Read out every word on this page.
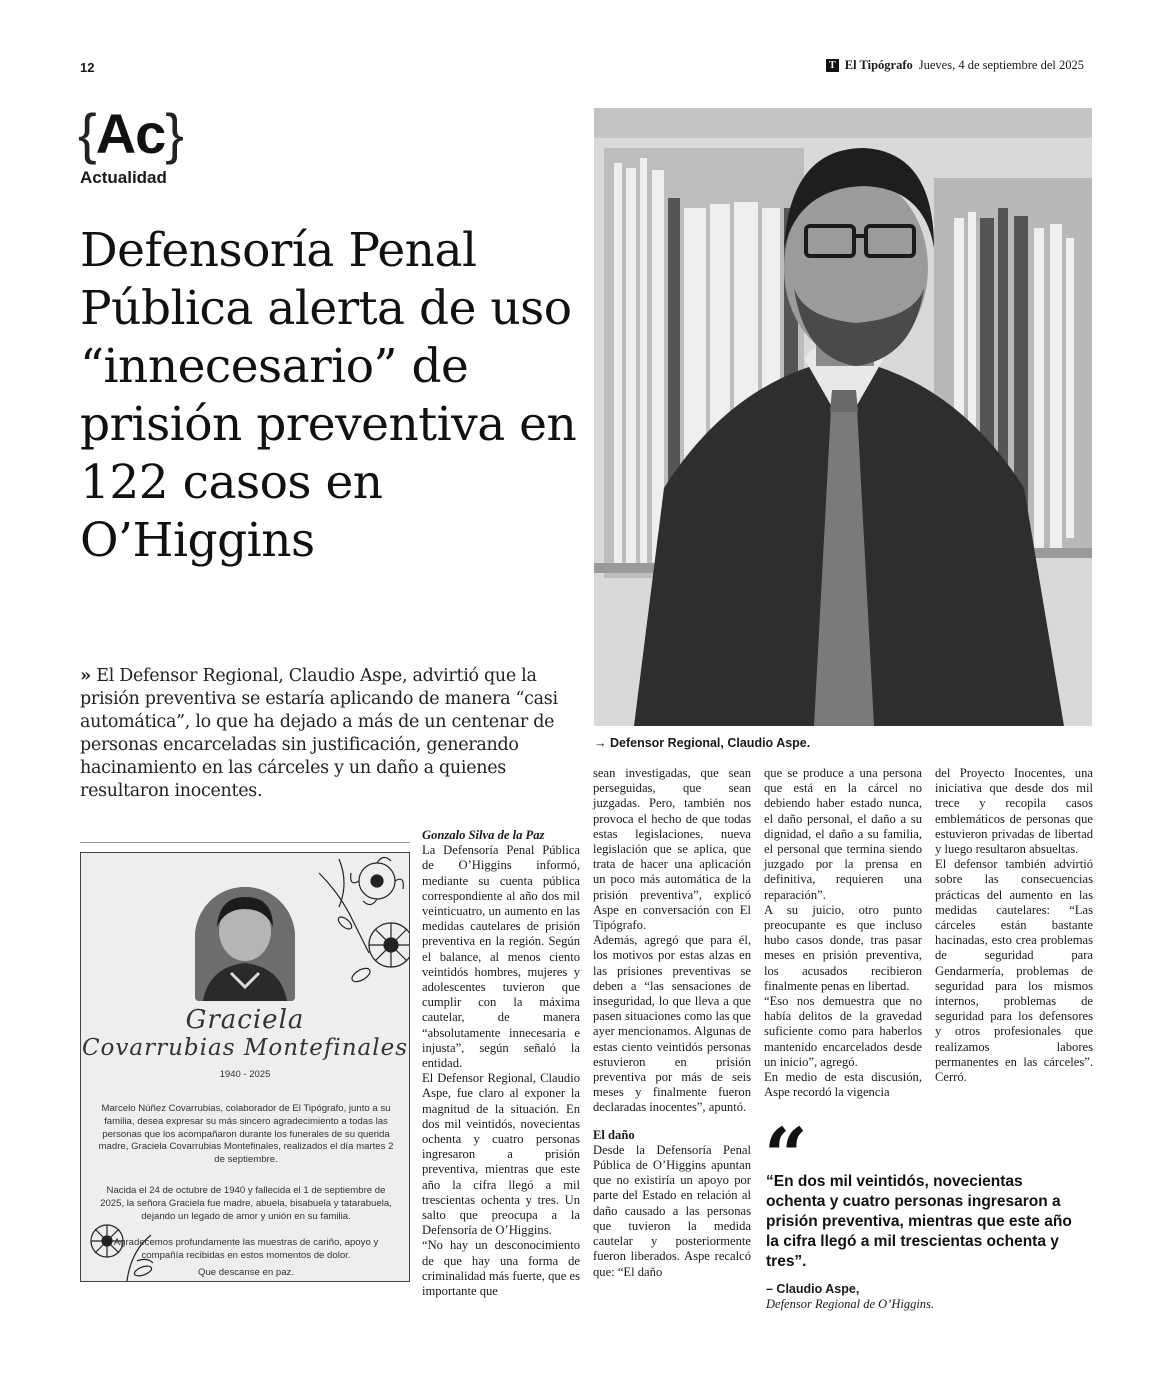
12	T El Tipógrafo Jueves, 4 de septiembre del 2025
{Ac}
Actualidad
Defensoría Penal Pública alerta de uso “innecesario” de prisión preventiva en 122 casos en O’Higgins
→ Defensor Regional, Claudio Aspe.

» El Defensor Regional, Claudio Aspe, advirtió que la prisión preventiva se estaría aplicando de manera “casi automática”, lo que ha dejado a más de un centenar de personas encarceladas sin justificación, generando hacinamiento en las cárceles y un daño a quienes resultaron inocentes.

Graciela
Covarrubias Montefinales
1940 - 2025

Marcelo Núñez Covarrubias, colaborador de El Tipógrafo, junto a su familia, desea expresar su más sincero agradecimiento a todas las personas que los acompañaron durante los funerales de su querida madre, Graciela Covarrubias Montefinales, realizados el día martes 2 de septiembre.

Nacida el 24 de octubre de 1940 y fallecida el 1 de septiembre de 2025, la señora Graciela fue madre, abuela, bisabuela y tatarabuela, dejando un legado de amor y unión en su familia.

Agradecemos profundamente las muestras de cariño, apoyo y compañía recibidas en estos momentos de dolor.

Que descanse en paz.

Gonzalo Silva de la Paz

La Defensoría Penal Pública de O’Higgins informó, mediante su cuenta pública correspondiente al año dos mil veinticuatro, un aumento en las medidas cautelares de prisión preventiva en la región. Según el balance, al menos ciento veintidós hombres, mujeres y adolescentes tuvieron que cumplir con la máxima cautelar, de manera “absolutamente innecesaria e injusta”, según señaló la entidad.

El Defensor Regional, Claudio Aspe, fue claro al exponer la magnitud de la situación. En dos mil veintidós, novecientas ochenta y cuatro personas ingresaron a prisión preventiva, mientras que este año la cifra llegó a mil trescientas ochenta y tres. Un salto que preocupa a la Defensoría de O’Higgins.

“No hay un desconocimiento de que hay una forma de criminalidad más fuerte, que es importante que

sean investigadas, que sean perseguidas, que sean juzgadas. Pero, también nos provoca el hecho de que todas estas legislaciones, nueva legislación que se aplica, que trata de hacer una aplicación un poco más automática de la prisión preventiva”, explicó Aspe en conversación con El Tipógrafo.

Además, agregó que para él, los motivos por estas alzas en las prisiones preventivas se deben a “las sensaciones de inseguridad, lo que lleva a que pasen situaciones como las que ayer mencionamos. Algunas de estas ciento veintidós personas estuvieron en prisión preventiva por más de seis meses y finalmente fueron declaradas inocentes”, apuntó.

El daño

Desde la Defensoría Penal Pública de O’Higgins apuntan que no existiría un apoyo por parte del Estado en relación al daño causado a las personas que tuvieron la medida cautelar y posteriormente fueron liberados. Aspe recalcó que: “El daño

que se produce a una persona que está en la cárcel no debiendo haber estado nunca, el daño personal, el daño a su dignidad, el daño a su familia, el personal que termina siendo juzgado por la prensa en definitiva, requieren una reparación”.

A su juicio, otro punto preocupante es que incluso hubo casos donde, tras pasar meses en prisión preventiva, los acusados recibieron finalmente penas en libertad.

“Eso nos demuestra que no había delitos de la gravedad suficiente como para haberlos mantenido encarcelados desde un inicio”, agregó.

En medio de esta discusión, Aspe recordó la vigencia

del Proyecto Inocentes, una iniciativa que desde dos mil trece y recopila casos emblemáticos de personas que estuvieron privadas de libertad y luego resultaron absueltas.

El defensor también advirtió sobre las consecuencias prácticas del aumento en las medidas cautelares: “Las cárceles están bastante hacinadas, esto crea problemas de seguridad para Gendarmería, problemas de seguridad para los mismos internos, problemas de seguridad para los defensores y otros profesionales que realizamos labores permanentes en las cárceles”. Cerró.

“

“En dos mil veintidós, novecientas ochenta y cuatro personas ingresaron a prisión preventiva, mientras que este año la cifra llegó a mil trescientas ochenta y tres”.

– Claudio Aspe,
Defensor Regional de O’Higgins.
